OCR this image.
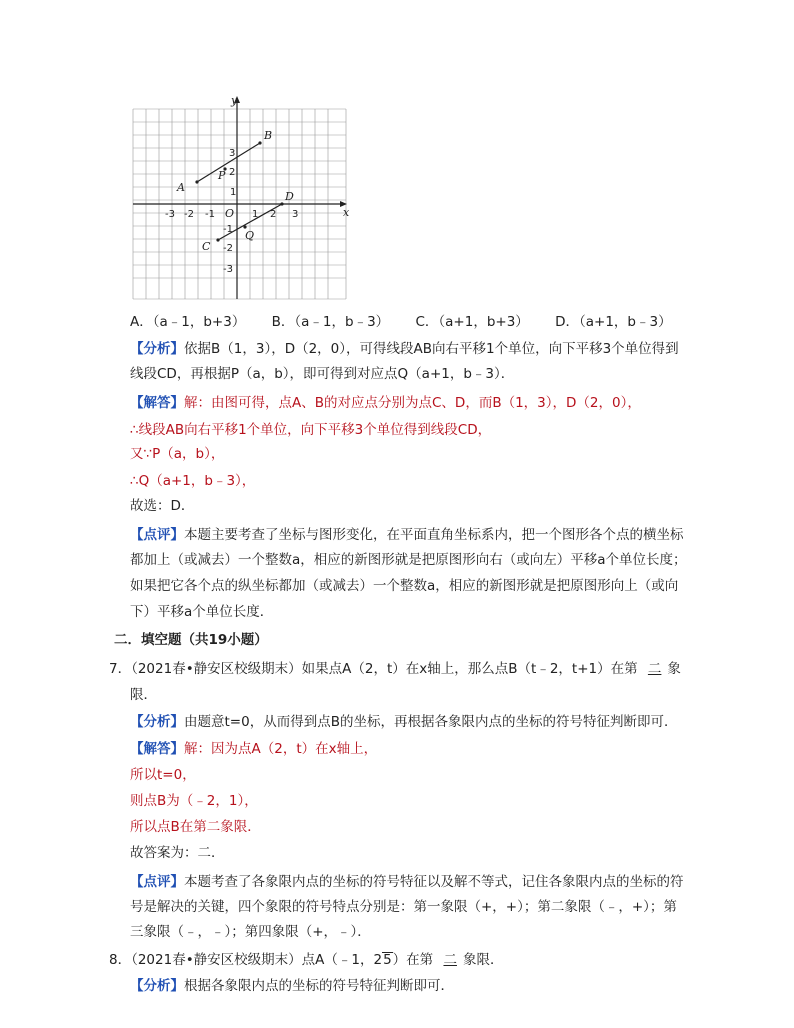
y
x
O
B
A
P
D
C
Q
-3 -2 -1	1 2 3
3
2
1
-1
-2
-3
A．（a﹣1，b+3） B．（a﹣1，b﹣3） C．（a+1，b+3） D．（a+1，b﹣3）
【分析】依据B（1，3），D（2，0），可得线段AB向右平移1个单位，向下平移3个单位得到
线段CD，再根据P（a，b），即可得到对应点Q（a+1，b﹣3）．
【解答】解：由图可得，点A、B的对应点分别为点C、D，而B（1，3），D（2，0），
∴线段AB向右平移1个单位，向下平移3个单位得到线段CD，
又∵P（a，b），
∴Q（a+1，b﹣3），
故选：D．
【点评】本题主要考查了坐标与图形变化，在平面直角坐标系内，把一个图形各个点的横坐标
都加上（或减去）一个整数a，相应的新图形就是把原图形向右（或向左）平移a个单位长度；
如果把它各个点的纵坐标都加（或减去）一个整数a，相应的新图形就是把原图形向上（或向
下）平移a个单位长度．
二．填空题（共19小题）
7．（2021春•静安区校级期末）如果点A（2，t）在x轴上，那么点B（t﹣2，t+1）在第 二 象
限．
【分析】由题意t=0，从而得到点B的坐标，再根据各象限内点的坐标的符号特征判断即可．
【解答】解：因为点A（2，t）在x轴上，
所以t=0，
则点B为（﹣2，1），
所以点B在第二象限．
故答案为：二．
【点评】本题考查了各象限内点的坐标的符号特征以及解不等式，记住各象限内点的坐标的符
号是解决的关键，四个象限的符号特点分别是：第一象限（+，+）；第二象限（﹣，+）；第
三象限（﹣，﹣）；第四象限（+，﹣）．
8．（2021春•静安区校级期末）点A（﹣1，25）在第 二 象限．
【分析】根据各象限内点的坐标的符号特征判断即可．
